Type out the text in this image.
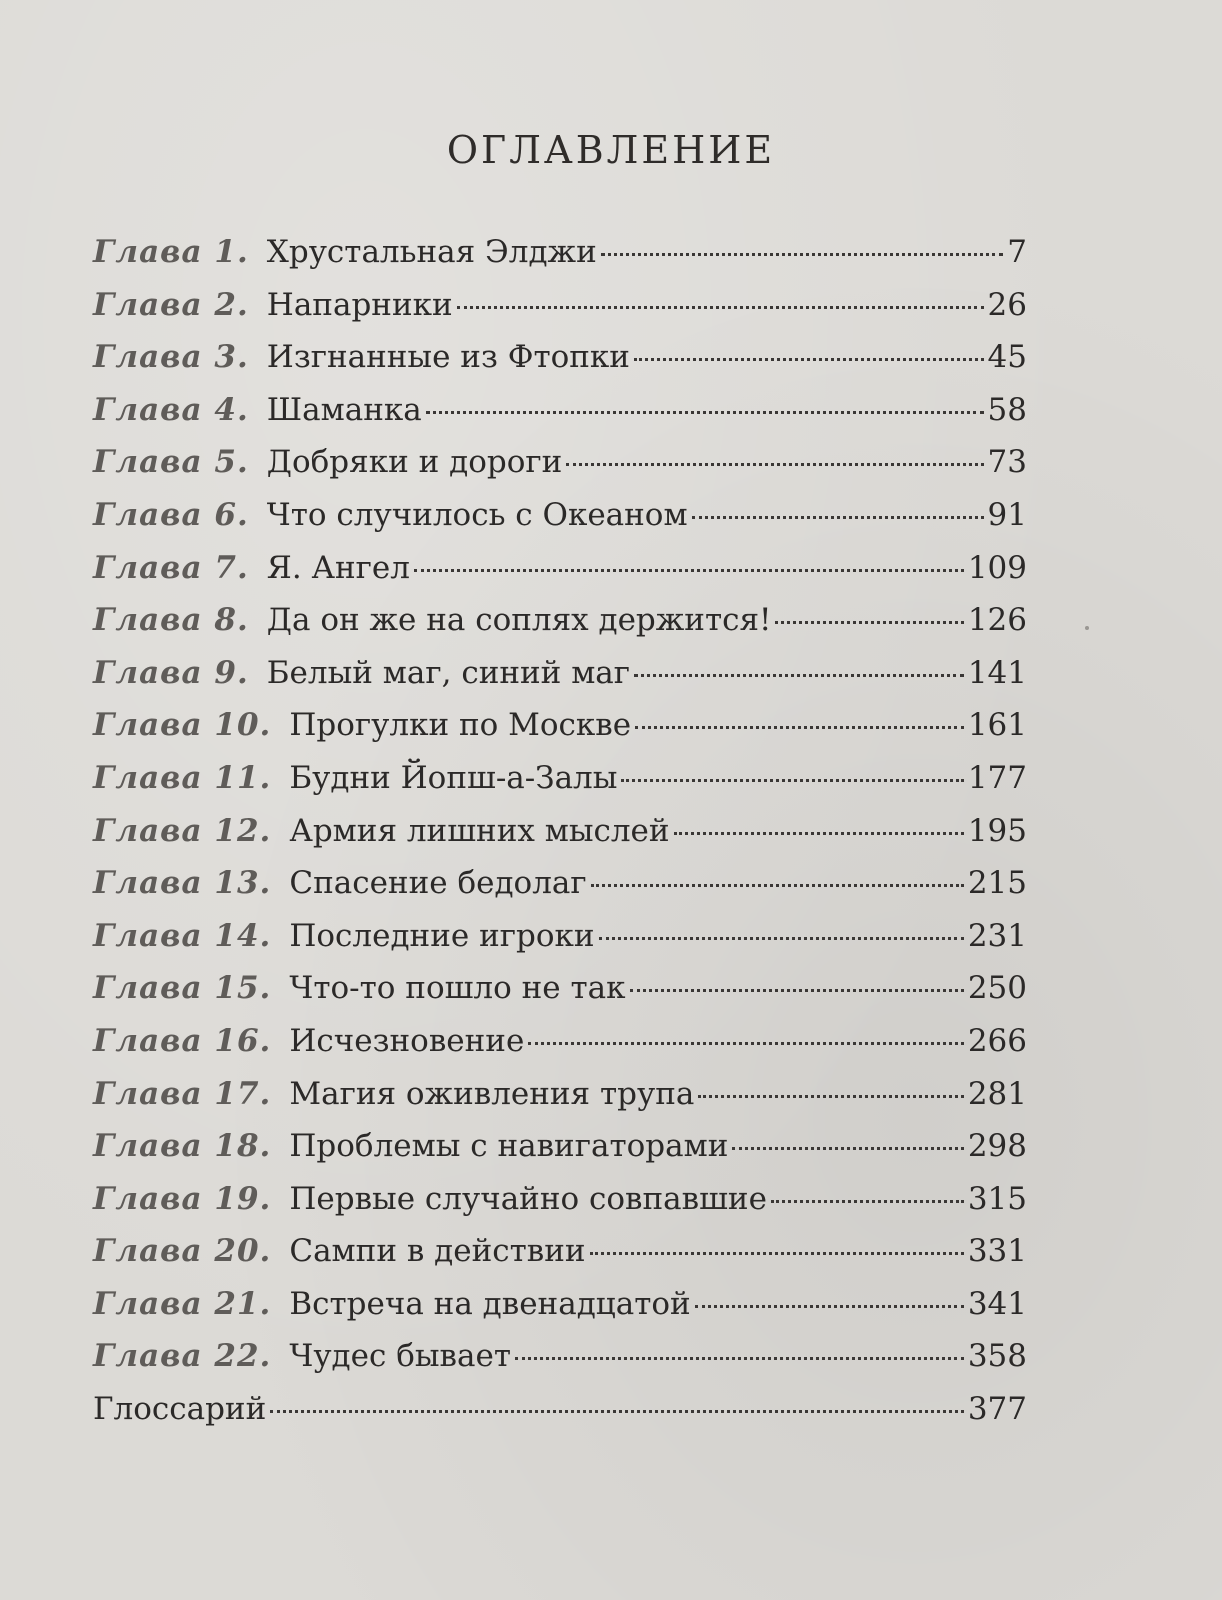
ОГЛАВЛЕНИЕ
Глава 1. Хрустальная Элджи	7
Глава 2. Напарники	26
Глава 3. Изгнанные из Фтопки	45
Глава 4. Шаманка	58
Глава 5. Добряки и дороги	73
Глава 6. Что случилось с Океаном	91
Глава 7. Я. Ангел	109
Глава 8. Да он же на соплях держится!	126
Глава 9. Белый маг, синий маг	141
Глава 10. Прогулки по Москве	161
Глава 11. Будни Йопш-а-Залы	177
Глава 12. Армия лишних мыслей	195
Глава 13. Спасение бедолаг	215
Глава 14. Последние игроки	231
Глава 15. Что-то пошло не так	250
Глава 16. Исчезновение	266
Глава 17. Магия оживления трупа	281
Глава 18. Проблемы с навигаторами	298
Глава 19. Первые случайно совпавшие	315
Глава 20. Сампи в действии	331
Глава 21. Встреча на двенадцатой	341
Глава 22. Чудес бывает	358
Глоссарий	377
